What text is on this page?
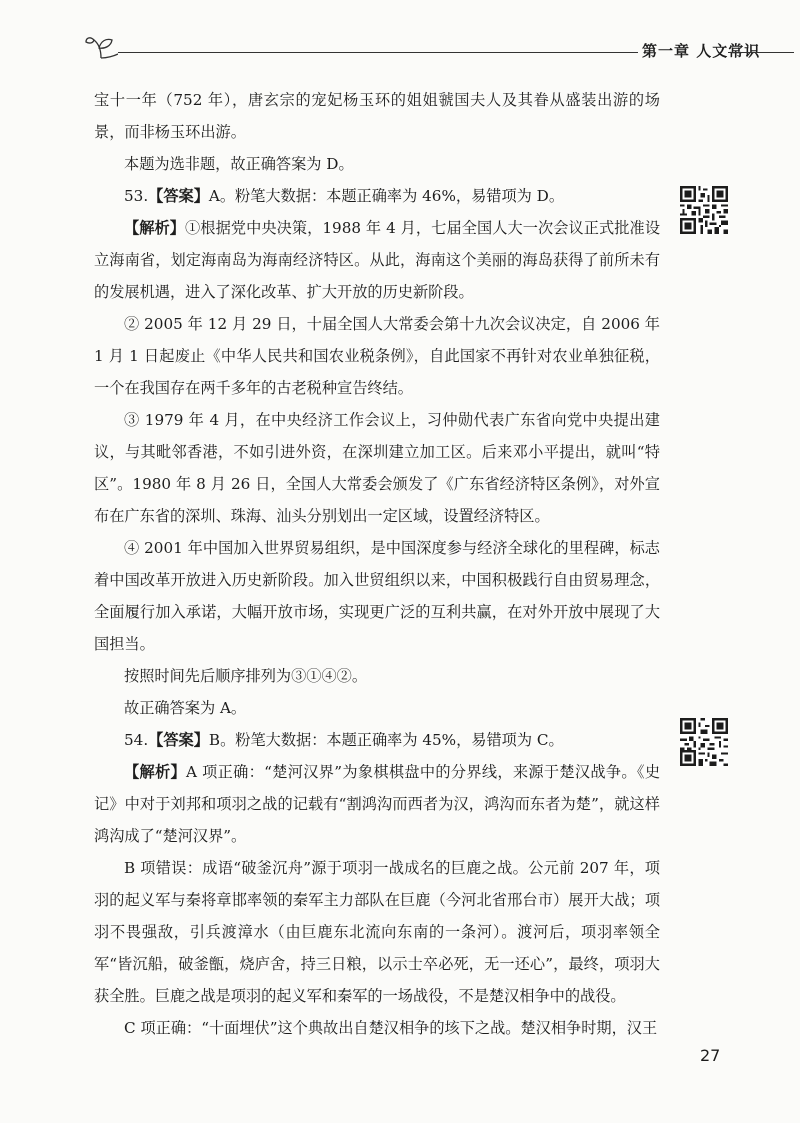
第一章 人文常识

宝十一年（752 年），唐玄宗的宠妃杨玉环的姐姐虢国夫人及其眷从盛装出游的场景，而非杨玉环出游。

本题为选非题，故正确答案为 D。

53.【答案】A。粉笔大数据：本题正确率为 46%，易错项为 D。

【解析】①根据党中央决策，1988 年 4 月，七届全国人大一次会议正式批准设立海南省，划定海南岛为海南经济特区。从此，海南这个美丽的海岛获得了前所未有的发展机遇，进入了深化改革、扩大开放的历史新阶段。

② 2005 年 12 月 29 日，十届全国人大常委会第十九次会议决定，自 2006 年 1 月 1 日起废止《中华人民共和国农业税条例》，自此国家不再针对农业单独征税，一个在我国存在两千多年的古老税种宣告终结。

③ 1979 年 4 月，在中央经济工作会议上，习仲勋代表广东省向党中央提出建议，与其毗邻香港，不如引进外资，在深圳建立加工区。后来邓小平提出，就叫“特区”。1980 年 8 月 26 日，全国人大常委会颁发了《广东省经济特区条例》，对外宣布在广东省的深圳、珠海、汕头分别划出一定区域，设置经济特区。

④ 2001 年中国加入世界贸易组织，是中国深度参与经济全球化的里程碑，标志着中国改革开放进入历史新阶段。加入世贸组织以来，中国积极践行自由贸易理念，全面履行加入承诺，大幅开放市场，实现更广泛的互利共赢，在对外开放中展现了大国担当。

按照时间先后顺序排列为③①④②。

故正确答案为 A。

54.【答案】B。粉笔大数据：本题正确率为 45%，易错项为 C。

【解析】A 项正确：“楚河汉界”为象棋棋盘中的分界线，来源于楚汉战争。《史记》中对于刘邦和项羽之战的记载有“割鸿沟而西者为汉，鸿沟而东者为楚”，就这样鸿沟成了“楚河汉界”。

B 项错误：成语“破釜沉舟”源于项羽一战成名的巨鹿之战。公元前 207 年，项羽的起义军与秦将章邯率领的秦军主力部队在巨鹿（今河北省邢台市）展开大战；项羽不畏强敌，引兵渡漳水（由巨鹿东北流向东南的一条河）。渡河后，项羽率领全军“皆沉船，破釜甑，烧庐舍，持三日粮，以示士卒必死，无一还心”，最终，项羽大获全胜。巨鹿之战是项羽的起义军和秦军的一场战役，不是楚汉相争中的战役。

C 项正确：“十面埋伏”这个典故出自楚汉相争的垓下之战。楚汉相争时期，汉王

27
